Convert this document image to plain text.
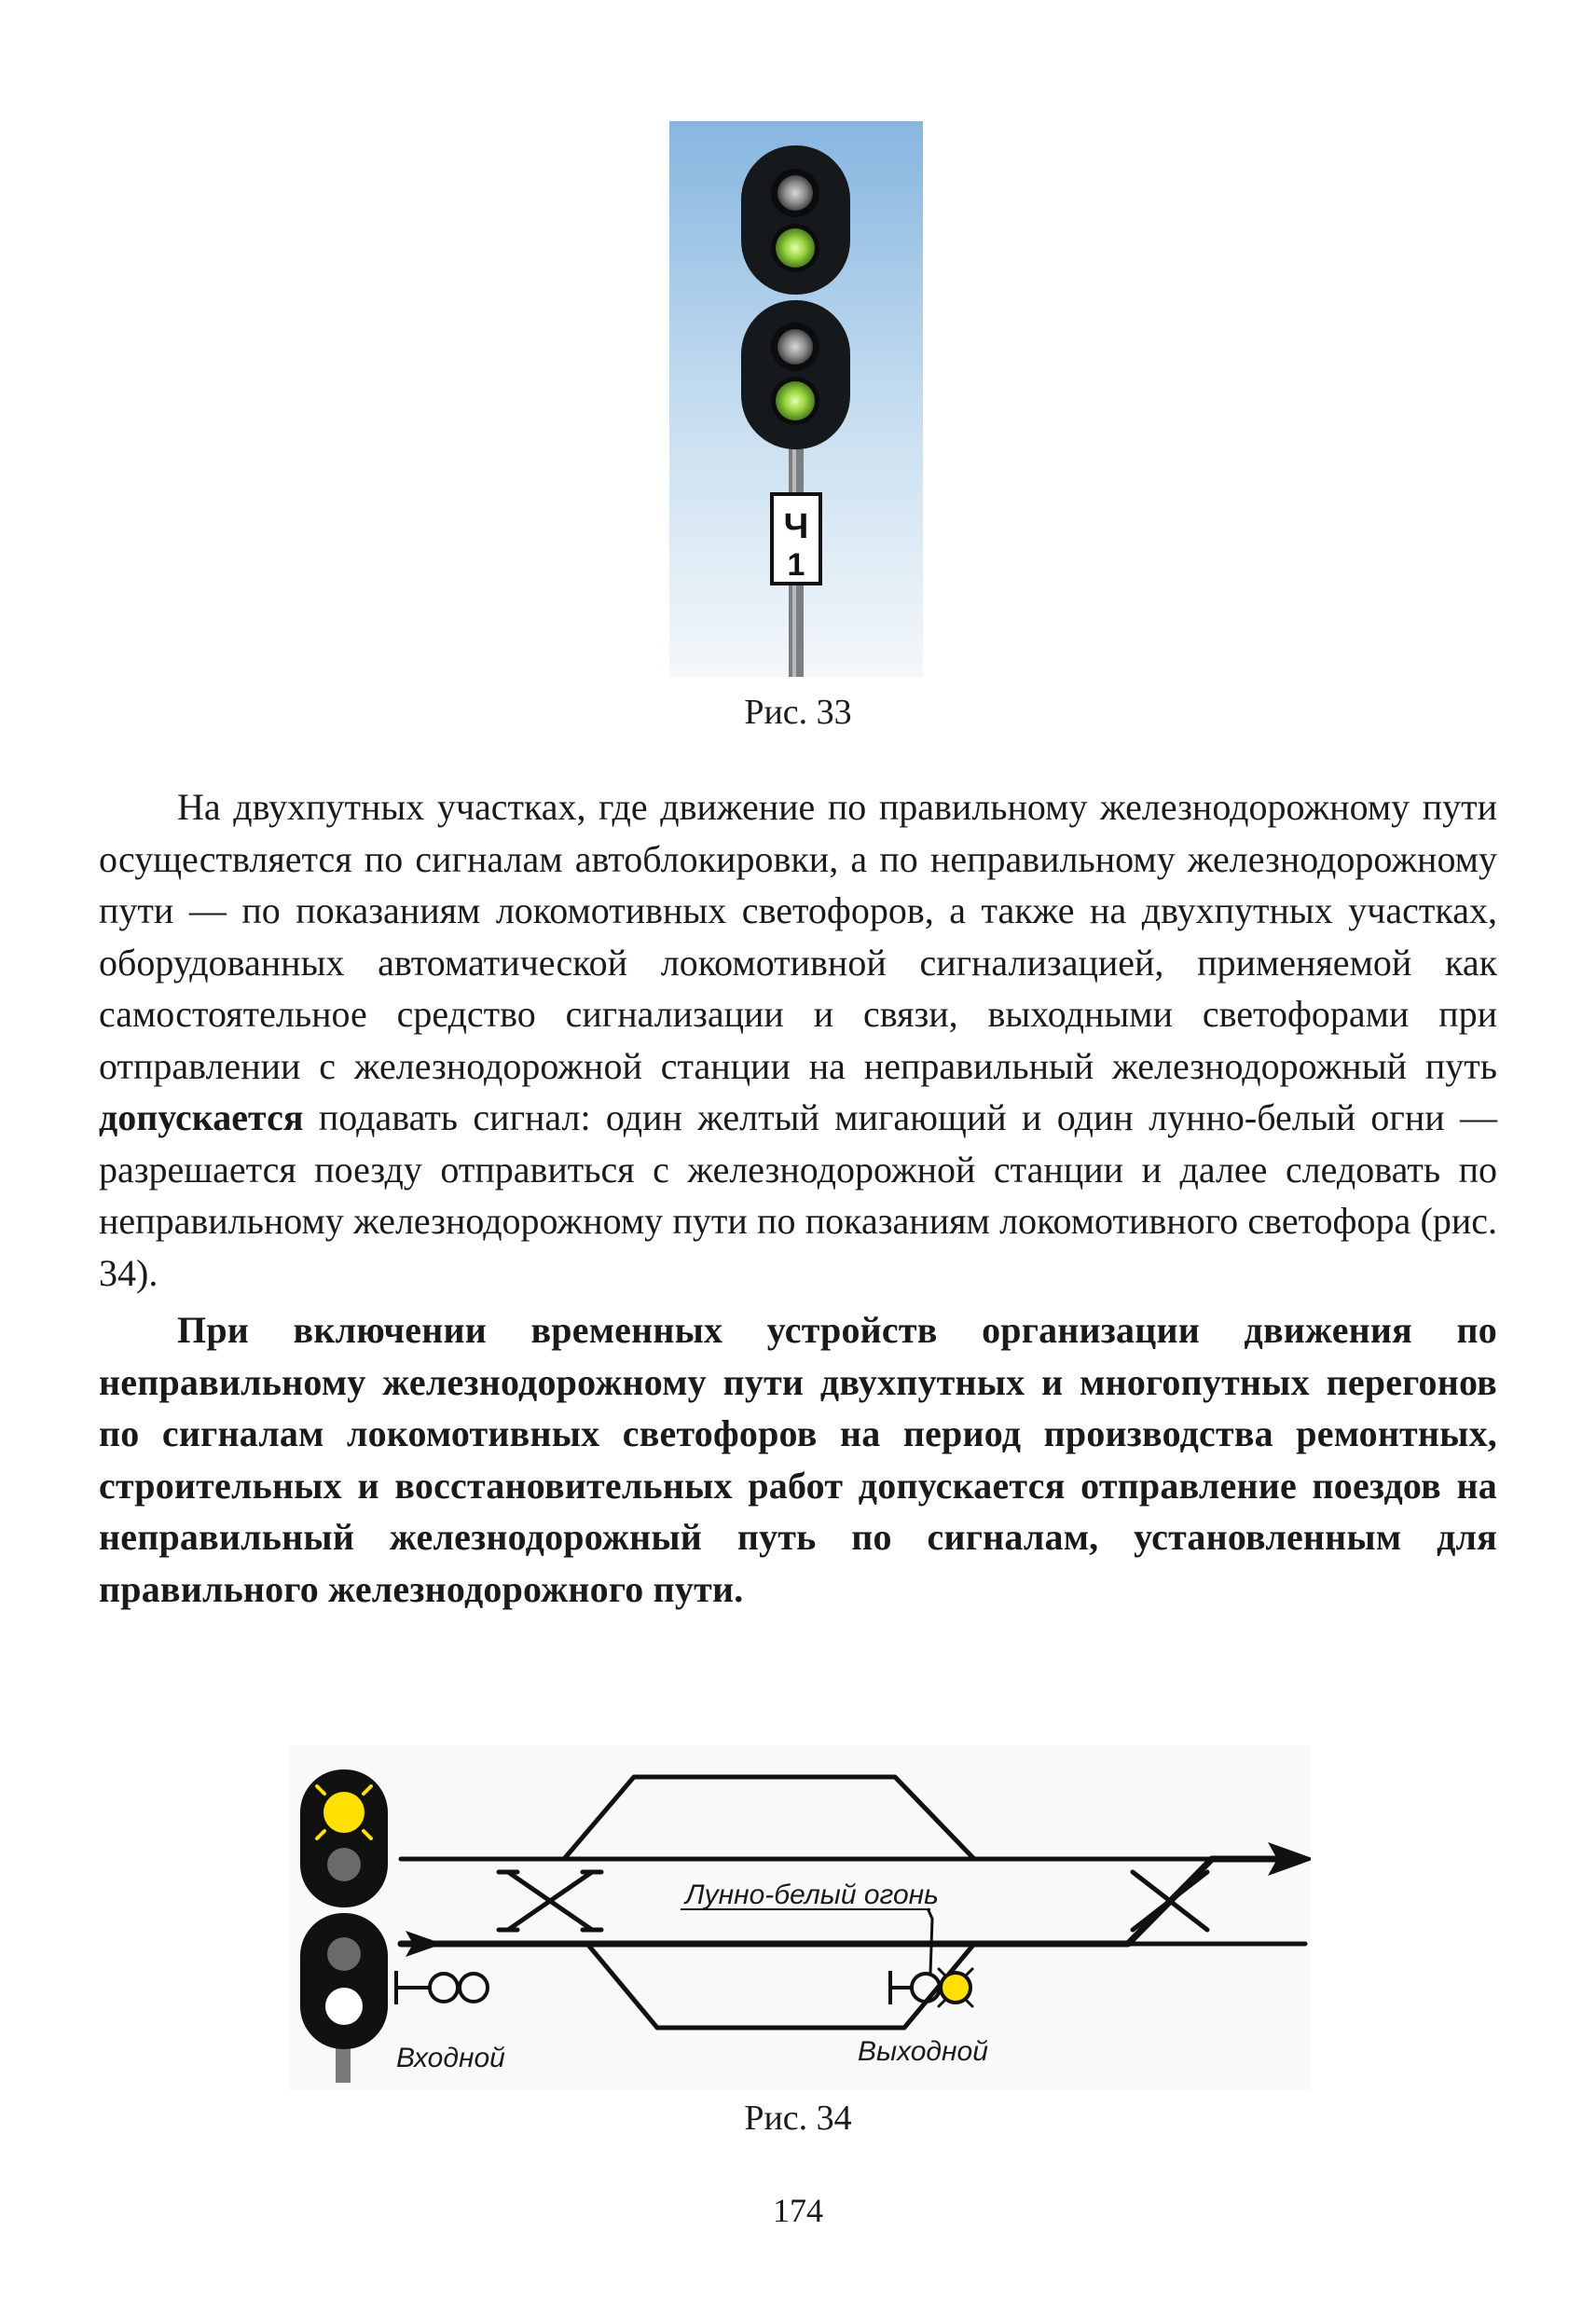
Ч
1
Рис. 33

На двухпутных участках, где движение по правильному железнодорожному пути осуществляется по сигналам автоблокировки, а по неправильному железнодорожному пути — по показаниям локомотивных светофоров, а также на двухпутных участках, оборудованных автоматической локомотивной сигнализацией, применяемой как самостоятельное средство сигнализации и связи, выходными светофорами при отправлении с железнодорожной станции на неправильный железнодорожный путь допускается подавать сигнал: один желтый мигающий и один лунно-белый огни — разрешается поезду отправиться с железнодорожной станции и далее следовать по неправильному железнодорожному пути по показаниям локомотивного светофора (рис. 34).

При включении временных устройств организации движения по неправильному железнодорожному пути двухпутных и многопутных перегонов по сигналам локомотивных светофоров на период производства ремонтных, строительных и восстановительных работ допускается отправление поездов на неправильный железнодорожный путь по сигналам, установленным для правильного железнодорожного пути.

Лунно-белый огонь
Входной	Выходной
Рис. 34
174
